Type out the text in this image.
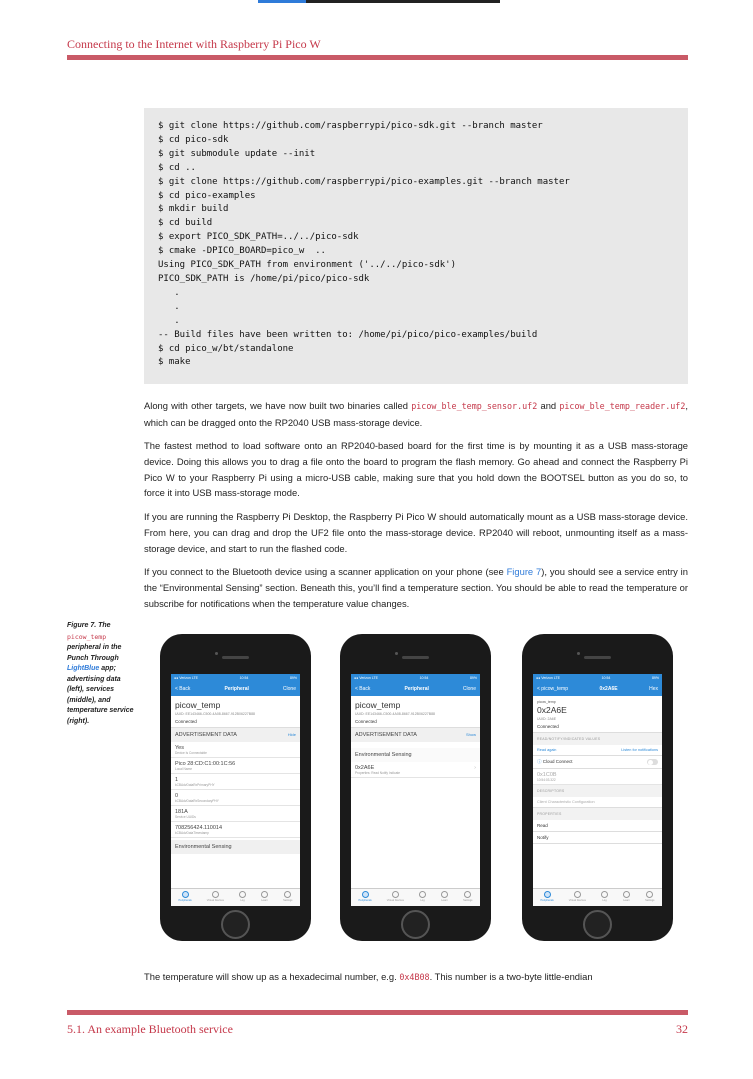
Connecting to the Internet with Raspberry Pi Pico W
$ git clone https://github.com/raspberrypi/pico-sdk.git --branch master
$ cd pico-sdk
$ git submodule update --init
$ cd ..
$ git clone https://github.com/raspberrypi/pico-examples.git --branch master
$ cd pico-examples
$ mkdir build
$ cd build
$ export PICO_SDK_PATH=../../pico-sdk
$ cmake -DPICO_BOARD=pico_w  ..
Using PICO_SDK_PATH from environment ('../../pico-sdk')
PICO_SDK_PATH is /home/pi/pico/pico-sdk
.
.
.
-- Build files have been written to: /home/pi/pico/pico-examples/build
$ cd pico_w/bt/standalone
$ make
Along with other targets, we have now built two binaries called picow_ble_temp_sensor.uf2 and picow_ble_temp_reader.uf2, which can be dragged onto the RP2040 USB mass-storage device.
The fastest method to load software onto an RP2040-based board for the first time is by mounting it as a USB mass-storage device. Doing this allows you to drag a file onto the board to program the flash memory. Go ahead and connect the Raspberry Pi Pico W to your Raspberry Pi using a micro-USB cable, making sure that you hold down the BOOTSEL button as you do so, to force it into USB mass-storage mode.
If you are running the Raspberry Pi Desktop, the Raspberry Pi Pico W should automatically mount as a USB mass-storage device. From here, you can drag and drop the UF2 file onto the mass-storage device. RP2040 will reboot, unmounting itself as a mass-storage device, and start to run the flashed code.
If you connect to the Bluetooth device using a scanner application on your phone (see Figure 7), you should see a service entry in the “Environmental Sensing” section. Beneath this, you’ll find a temperature section. You should be able to read the temperature or subscribe for notifications when the temperature value changes.
Figure 7. The picow_temp peripheral in the Punch Through LightBlue app; advertising data (left), services (middle), and temperature service (right).
●● Verizon LTE	10:54	89%
< Back	Peripheral	Clone
picow_temp
UUID: EE143466-C500-4A08-8667-912B06227B88
Connected
ADVERTISEMENT DATA	Hide
Yes
Device Is Connectable
Pico 28:CD:C1:00:1C:56
Local Name
1
kCBAdvDataRxPrimaryPHY
0
kCBAdvDataRxSecondaryPHY
181A
Service UUIDs
708256424.110014
kCBAdvDataTimestamp
Environmental Sensing
Peripherals	Virtual Devices	Log	Learn	Settings
●● Verizon LTE	10:54	89%
< Back	Peripheral	Clone
picow_temp
UUID: EE143466-C500-4A08-8667-912B06227B88
Connected
ADVERTISEMENT DATA	Show
Environmental Sensing
0x2A6E	›
Properties: Read Notify Indicate
Peripherals	Virtual Devices	Log	Learn	Settings
●● Verizon LTE	10:54	89%
< picow_temp	0x2A6E	Hex
picow_temp
0x2A6E
UUID: 2A6E
Connected
READ/NOTIFY/INDICATED VALUES
Read again	Listen for notifications
ⓘ Cloud Connect
0x1C0B
10:54:03.322
DESCRIPTORS
Client Characteristic Configuration
PROPERTIES
Read
Notify
Peripherals	Virtual Devices	Log	Learn	Settings
The temperature will show up as a hexadecimal number, e.g. 0x4B08. This number is a two-byte little-endian
5.1. An example Bluetooth service	32
